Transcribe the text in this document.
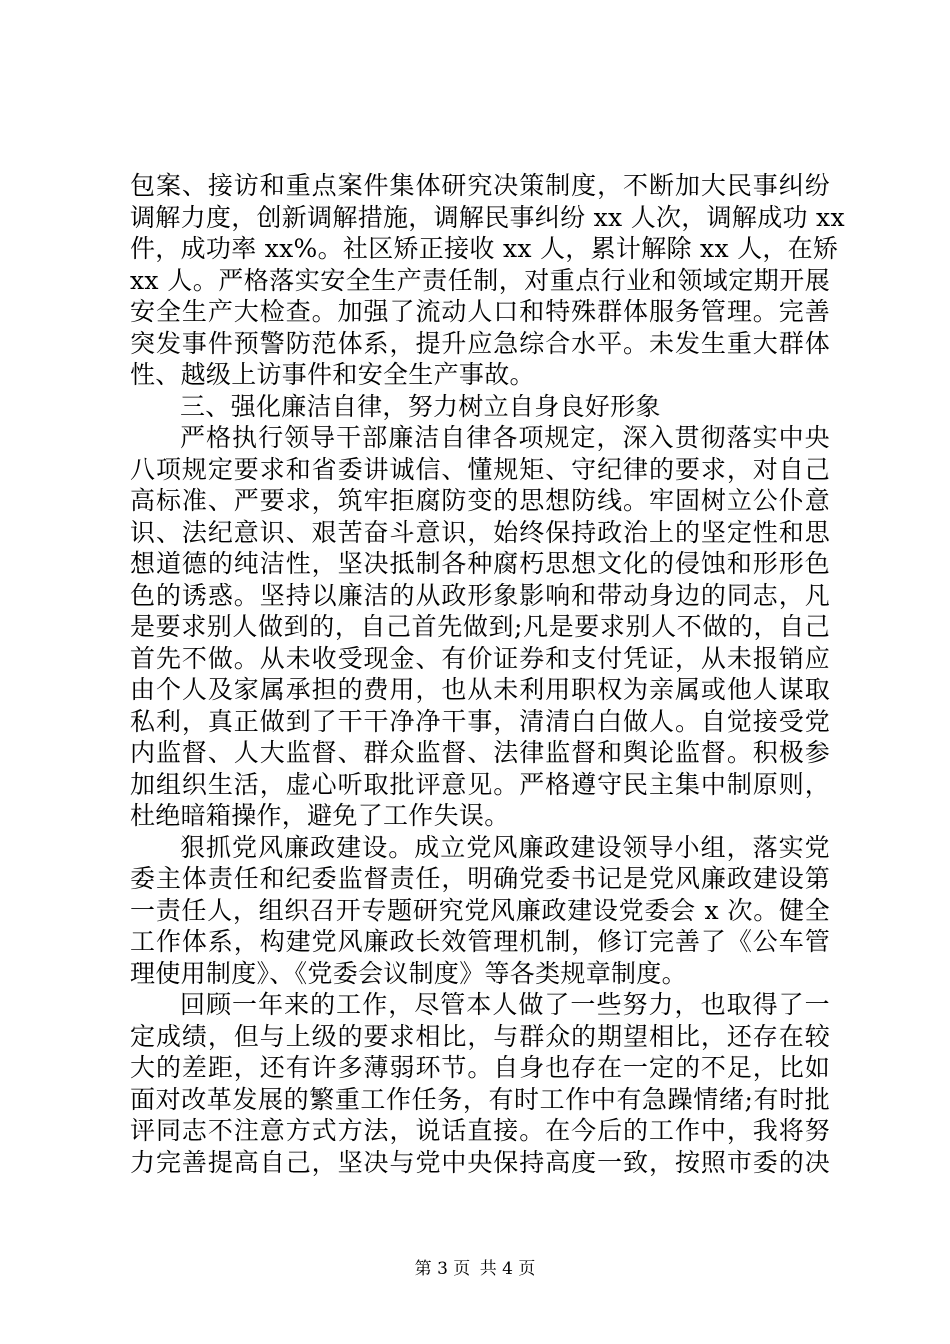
包案、接访和重点案件集体研究决策制度，不断加大民事纠纷
调解力度，创新调解措施，调解民事纠纷 xx 人次，调解成功 xx
件，成功率 xx%。社区矫正接收 xx 人，累计解除 xx 人，在矫
xx 人。严格落实安全生产责任制，对重点行业和领域定期开展
安全生产大检查。加强了流动人口和特殊群体服务管理。完善
突发事件预警防范体系，提升应急综合水平。未发生重大群体
性、越级上访事件和安全生产事故。
三、强化廉洁自律，努力树立自身良好形象
严格执行领导干部廉洁自律各项规定，深入贯彻落实中央
八项规定要求和省委讲诚信、懂规矩、守纪律的要求，对自己
高标准、严要求，筑牢拒腐防变的思想防线。牢固树立公仆意
识、法纪意识、艰苦奋斗意识，始终保持政治上的坚定性和思
想道德的纯洁性，坚决抵制各种腐朽思想文化的侵蚀和形形色
色的诱惑。坚持以廉洁的从政形象影响和带动身边的同志，凡
是要求别人做到的，自己首先做到;凡是要求别人不做的，自己
首先不做。从未收受现金、有价证券和支付凭证，从未报销应
由个人及家属承担的费用，也从未利用职权为亲属或他人谋取
私利，真正做到了干干净净干事，清清白白做人。自觉接受党
内监督、人大监督、群众监督、法律监督和舆论监督。积极参
加组织生活，虚心听取批评意见。严格遵守民主集中制原则，
杜绝暗箱操作，避免了工作失误。
狠抓党风廉政建设。成立党风廉政建设领导小组，落实党
委主体责任和纪委监督责任，明确党委书记是党风廉政建设第
一责任人，组织召开专题研究党风廉政建设党委会 x 次。健全
工作体系，构建党风廉政长效管理机制，修订完善了《公车管
理使用制度》、《党委会议制度》等各类规章制度。
回顾一年来的工作，尽管本人做了一些努力，也取得了一
定成绩，但与上级的要求相比，与群众的期望相比，还存在较
大的差距，还有许多薄弱环节。自身也存在一定的不足，比如
面对改革发展的繁重工作任务，有时工作中有急躁情绪;有时批
评同志不注意方式方法，说话直接。在今后的工作中，我将努
力完善提高自己，坚决与党中央保持高度一致，按照市委的决
第 3 页 共 4 页
